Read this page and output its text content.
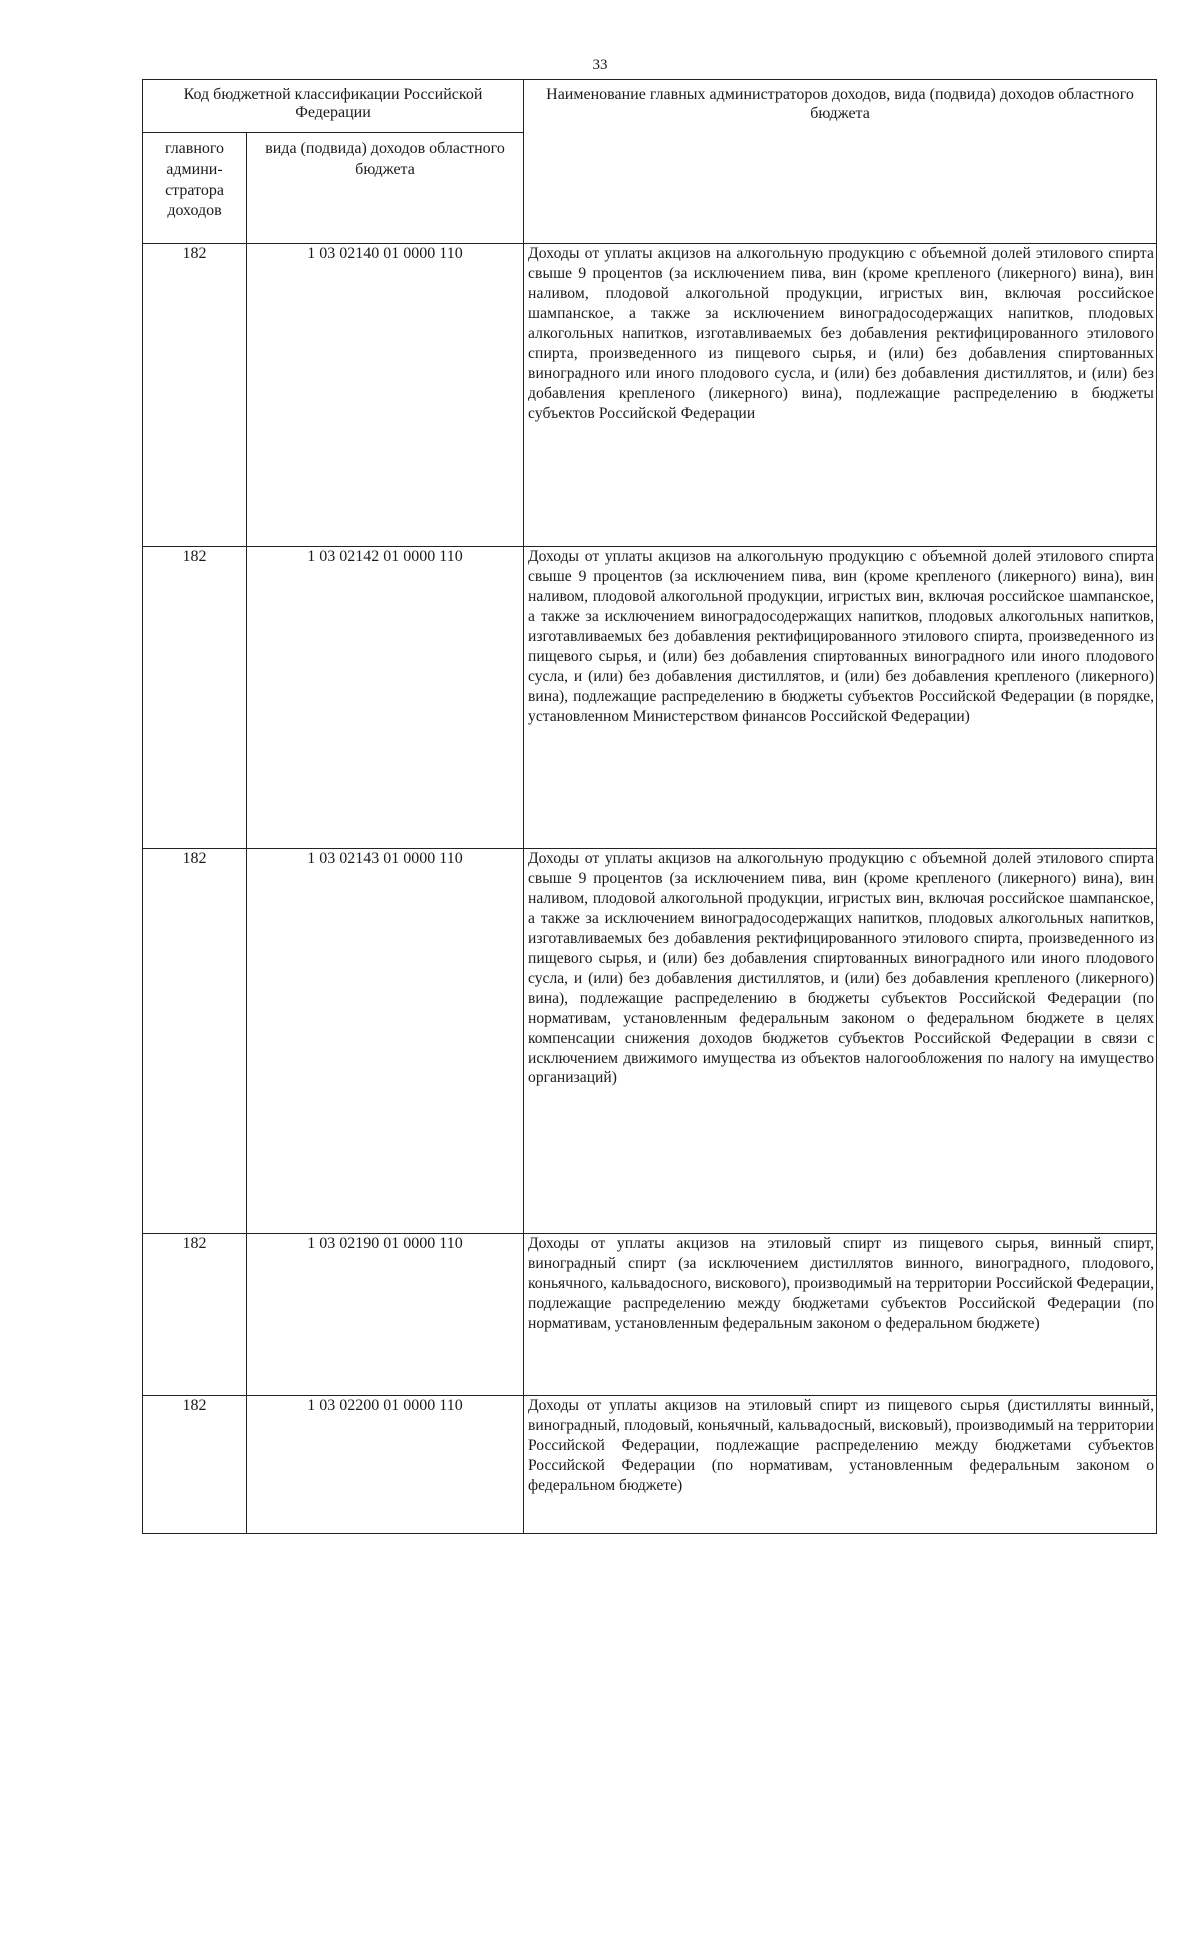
33
Код бюджетной классификации Российской Федерации		Наименование главных администраторов доходов, вида (подвида) доходов областного бюджета
главного админи- стратора доходов	вида (подвида) доходов областного бюджета	
182	1 03 02140 01 0000 110	Доходы от уплаты акцизов на алкогольную продукцию с объемной долей этилового спирта свыше 9 процентов (за исключением пива, вин (кроме крепленого (ликерного) вина), вин наливом, плодовой алкогольной продукции, игристых вин, включая российское шампанское, а также за исключением виноградосодержащих напитков, плодовых алкогольных напитков, изготавливаемых без добавления ректифицированного этилового спирта, произведенного из пищевого сырья, и (или) без добавления спиртованных виноградного или иного плодового сусла, и (или) без добавления дистиллятов, и (или) без добавления крепленого (ликерного) вина), подлежащие распределению в бюджеты субъектов Российской Федерации
182	1 03 02142 01 0000 110	Доходы от уплаты акцизов на алкогольную продукцию с объемной долей этилового спирта свыше 9 процентов (за исключением пива, вин (кроме крепленого (ликерного) вина), вин наливом, плодовой алкогольной продукции, игристых вин, включая российское шампанское, а также за исключением виноградосодержащих напитков, плодовых алкогольных напитков, изготавливаемых без добавления ректифицированного этилового спирта, произведенного из пищевого сырья, и (или) без добавления спиртованных виноградного или иного плодового сусла, и (или) без добавления дистиллятов, и (или) без добавления крепленого (ликерного) вина), подлежащие распределению в бюджеты субъектов Российской Федерации (в порядке, установленном Министерством финансов Российской Федерации)
182	1 03 02143 01 0000 110	Доходы от уплаты акцизов на алкогольную продукцию с объемной долей этилового спирта свыше 9 процентов (за исключением пива, вин (кроме крепленого (ликерного) вина), вин наливом, плодовой алкогольной продукции, игристых вин, включая российское шампанское, а также за исключением виноградосодержащих напитков, плодовых алкогольных напитков, изготавливаемых без добавления ректифицированного этилового спирта, произведенного из пищевого сырья, и (или) без добавления спиртованных виноградного или иного плодового сусла, и (или) без добавления дистиллятов, и (или) без добавления крепленого (ликерного) вина), подлежащие распределению в бюджеты субъектов Российской Федерации (по нормативам, установленным федеральным законом о федеральном бюджете в целях компенсации снижения доходов бюджетов субъектов Российской Федерации в связи с исключением движимого имущества из объектов налогообложения по налогу на имущество организаций)
182	1 03 02190 01 0000 110	Доходы от уплаты акцизов на этиловый спирт из пищевого сырья, винный спирт, виноградный спирт (за исключением дистиллятов винного, виноградного, плодового, коньячного, кальвадосного, вискового), производимый на территории Российской Федерации, подлежащие распределению между бюджетами субъектов Российской Федерации (по нормативам, установленным федеральным законом о федеральном бюджете)
182	1 03 02200 01 0000 110	Доходы от уплаты акцизов на этиловый спирт из пищевого сырья (дистилляты винный, виноградный, плодовый, коньячный, кальвадосный, висковый), производимый на территории Российской Федерации, подлежащие распределению между бюджетами субъектов Российской Федерации (по нормативам, установленным федеральным законом о федеральном бюджете)
